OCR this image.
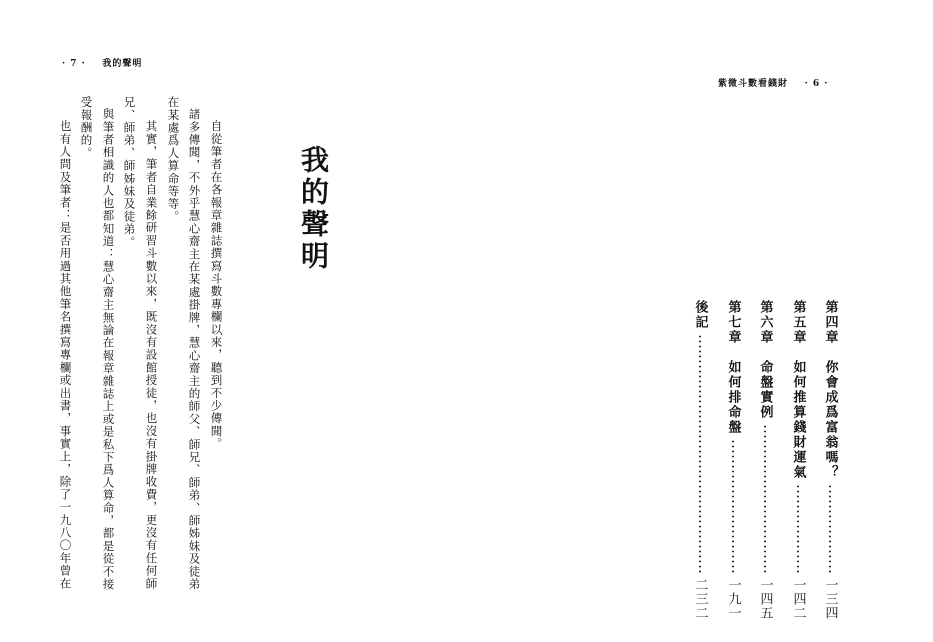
· 7 · 我的聲明
我的聲明
自從筆者在各報章雜誌撰寫斗數專欄以來，聽到不少傳聞。
諸多傳聞，不外乎慧心齋主在某處掛牌，慧心齋主的師父、師兄、師弟、師姊妹及徒弟
在某處爲人算命等等。
其實，筆者自業餘研習斗數以來，既沒有設館授徒，也沒有掛牌收費，更沒有任何師
兄、師弟、師姊妹及徒弟。
與筆者相識的人也都知道：慧心齋主無論在報章雜誌上或是私下爲人算命，都是從不接
受報酬的。
也有人問及筆者：是否用過其他筆名撰寫專欄或出書，事實上，除了一九八〇年曾在
紫微斗數看錢財 · 6 ·
第四章　你會成爲富翁嗎？
一三四
第五章　如何推算錢財運氣
一四二
第六章　命盤實例
一四五
第七章　如何排命盤
一九一
後記
二三二
